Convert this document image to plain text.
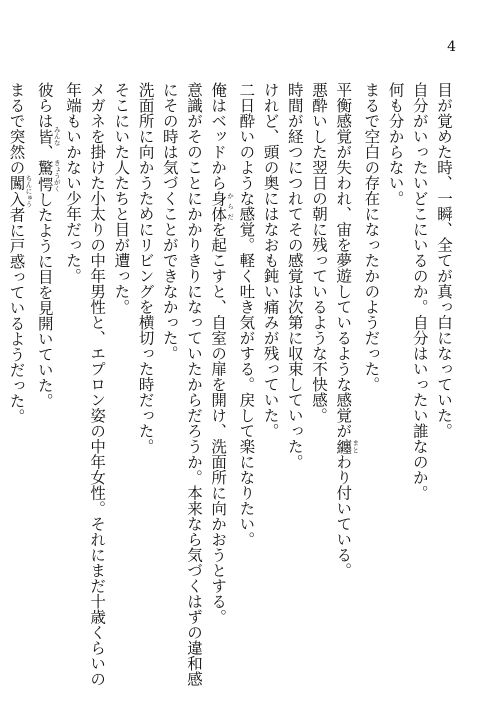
4

目が覚めた時、一瞬、全てが真っ白になっていた。

自分がいったいどこにいるのか。自分はいったい誰なのか。

何も分からない。

まるで空白の存在になったかのようだった。

平衡感覚が失われ、宙を夢遊しているような感覚が纏 まとわり付いている。

悪酔いした翌日の朝に残っているような不快感。

時間が経つにつれてその感覚は次第に収束していった。

けれど、頭の奥にはなおも鈍い痛みが残っていた。

二日酔いのような感覚。軽く吐き気がする。戻して楽になりたい。

俺はベッドから身体 からだを起こすと、自室の扉を開け、洗面所に向かおうとする。

意識がそのことにかかりきりになっていたからだろうか。本来なら気づくはずの違和感

にその時は気づくことができなかった。

洗面所に向かうためにリビングを横切った時だった。

そこにいた人たちと目が遭った。

メガネを掛けた小太りの中年男性と、エプロン姿の中年女性。それにまだ十歳くらいの

年端もいかない少年だった。

彼らは皆 みんな、驚愕 きょうがくしたように目を見開いていた。

まるで突然の闖入 ちんにゅう者に戸惑っているようだった。
